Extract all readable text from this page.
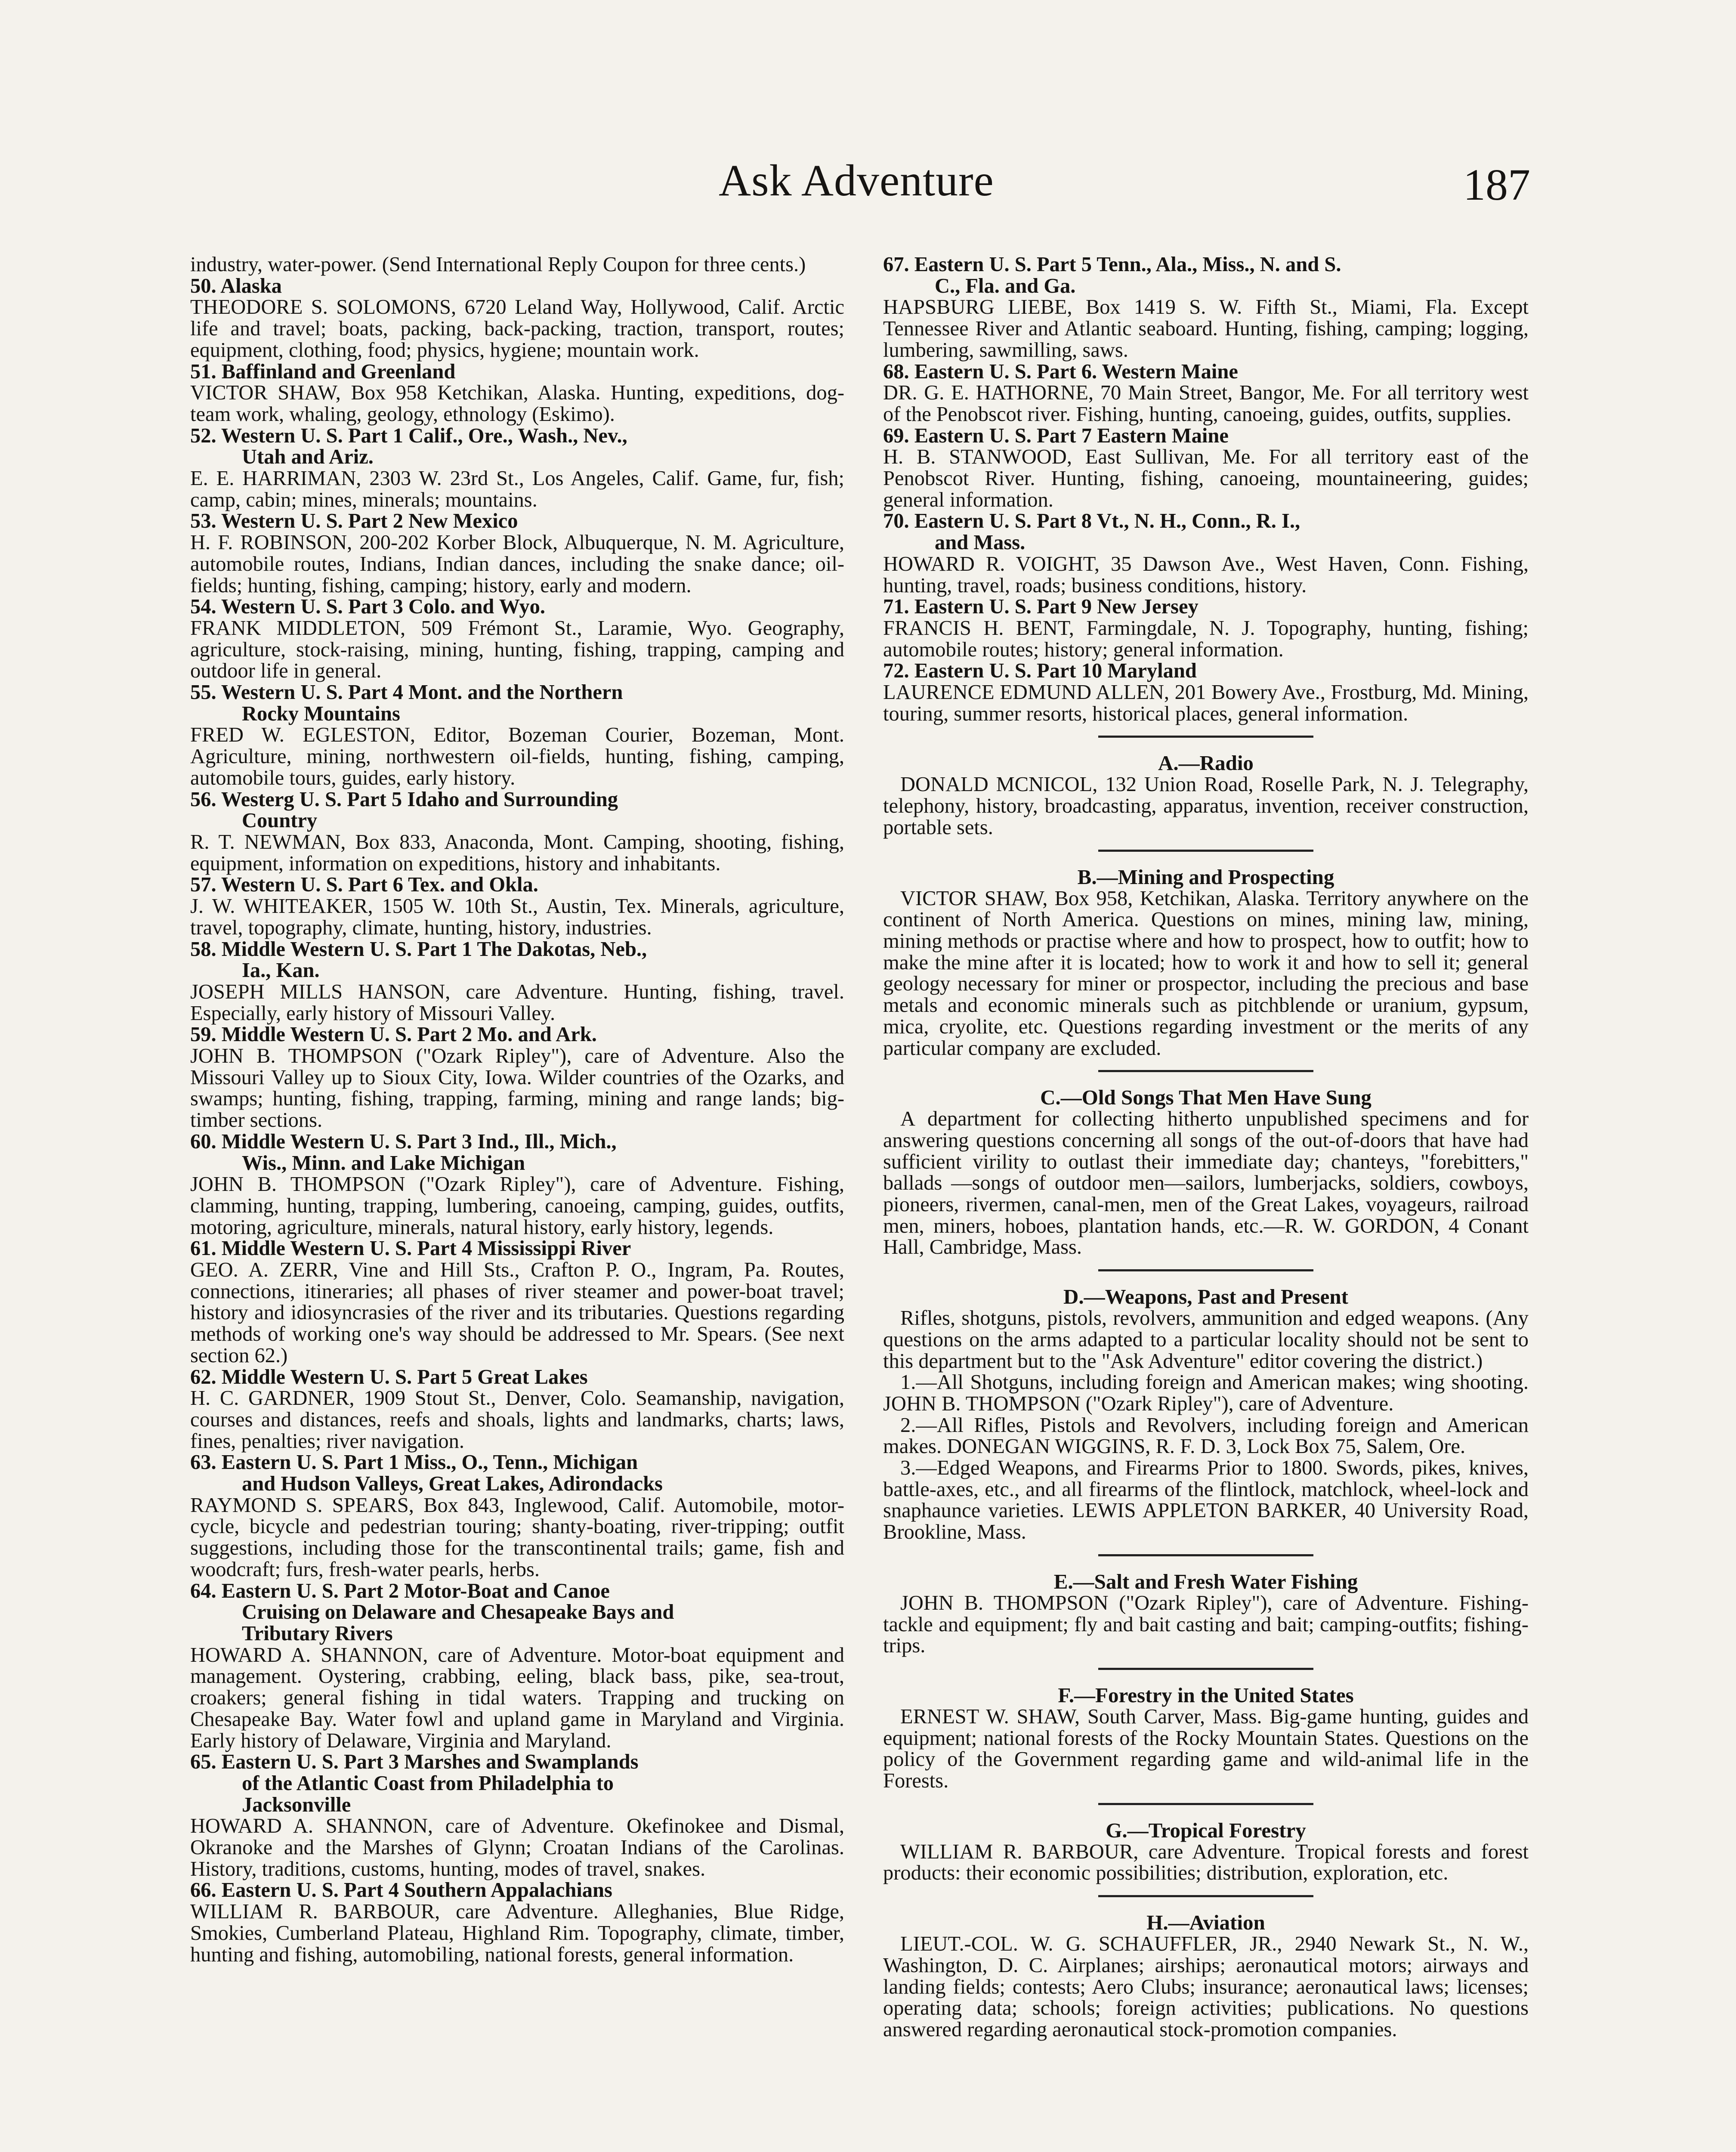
Ask Adventure	187
industry, water-power. (Send International Reply Coupon for three cents.)
50. Alaska
THEODORE S. SOLOMONS, 6720 Leland Way, Hollywood, Calif. Arctic life and travel; boats, packing, back-packing, traction, transport, routes; equipment, clothing, food; physics, hygiene; mountain work.
51. Baffinland and Greenland
VICTOR SHAW, Box 958 Ketchikan, Alaska. Hunting, expeditions, dog-team work, whaling, geology, ethnology (Eskimo).
52. Western U. S. Part 1 Calif., Ore., Wash., Nev.,
Utah and Ariz.
E. E. HARRIMAN, 2303 W. 23rd St., Los Angeles, Calif. Game, fur, fish; camp, cabin; mines, minerals; mountains.
53. Western U. S. Part 2 New Mexico
H. F. ROBINSON, 200-202 Korber Block, Albuquerque, N. M. Agriculture, automobile routes, Indians, Indian dances, including the snake dance; oil-fields; hunting, fishing, camping; history, early and modern.
54. Western U. S. Part 3 Colo. and Wyo.
FRANK MIDDLETON, 509 Frémont St., Laramie, Wyo. Geography, agriculture, stock-raising, mining, hunting, fishing, trapping, camping and outdoor life in general.
55. Western U. S. Part 4 Mont. and the Northern
Rocky Mountains
FRED W. EGLESTON, Editor, Bozeman Courier, Bozeman, Mont. Agriculture, mining, northwestern oil-fields, hunting, fishing, camping, automobile tours, guides, early history.
56. Westerg U. S. Part 5 Idaho and Surrounding
Country
R. T. NEWMAN, Box 833, Anaconda, Mont. Camping, shooting, fishing, equipment, information on expeditions, history and inhabitants.
57. Western U. S. Part 6 Tex. and Okla.
J. W. WHITEAKER, 1505 W. 10th St., Austin, Tex. Minerals, agriculture, travel, topography, climate, hunting, history, industries.
58. Middle Western U. S. Part 1 The Dakotas, Neb.,
Ia., Kan.
JOSEPH MILLS HANSON, care Adventure. Hunting, fishing, travel. Especially, early history of Missouri Valley.
59. Middle Western U. S. Part 2 Mo. and Ark.
JOHN B. THOMPSON ("Ozark Ripley"), care of Adventure. Also the Missouri Valley up to Sioux City, Iowa. Wilder countries of the Ozarks, and swamps; hunting, fishing, trapping, farming, mining and range lands; big-timber sections.
60. Middle Western U. S. Part 3 Ind., Ill., Mich.,
Wis., Minn. and Lake Michigan
JOHN B. THOMPSON ("Ozark Ripley"), care of Adventure. Fishing, clamming, hunting, trapping, lumbering, canoeing, camping, guides, outfits, motoring, agriculture, minerals, natural history, early history, legends.
61. Middle Western U. S. Part 4 Mississippi River
GEO. A. ZERR, Vine and Hill Sts., Crafton P. O., Ingram, Pa. Routes, connections, itineraries; all phases of river steamer and power-boat travel; history and idiosyncrasies of the river and its tributaries. Questions regarding methods of working one's way should be addressed to Mr. Spears. (See next section 62.)
62. Middle Western U. S. Part 5 Great Lakes
H. C. GARDNER, 1909 Stout St., Denver, Colo. Seamanship, navigation, courses and distances, reefs and shoals, lights and landmarks, charts; laws, fines, penalties; river navigation.
63. Eastern U. S. Part 1 Miss., O., Tenn., Michigan
and Hudson Valleys, Great Lakes, Adirondacks
RAYMOND S. SPEARS, Box 843, Inglewood, Calif. Automobile, motor-cycle, bicycle and pedestrian touring; shanty-boating, river-tripping; outfit suggestions, including those for the transcontinental trails; game, fish and woodcraft; furs, fresh-water pearls, herbs.
64. Eastern U. S. Part 2 Motor-Boat and Canoe
Cruising on Delaware and Chesapeake Bays and
Tributary Rivers
HOWARD A. SHANNON, care of Adventure. Motor-boat equipment and management. Oystering, crabbing, eeling, black bass, pike, sea-trout, croakers; general fishing in tidal waters. Trapping and trucking on Chesapeake Bay. Water fowl and upland game in Maryland and Virginia. Early history of Delaware, Virginia and Maryland.
65. Eastern U. S. Part 3 Marshes and Swamplands
of the Atlantic Coast from Philadelphia to
Jacksonville
HOWARD A. SHANNON, care of Adventure. Okefinokee and Dismal, Okranoke and the Marshes of Glynn; Croatan Indians of the Carolinas. History, traditions, customs, hunting, modes of travel, snakes.
66. Eastern U. S. Part 4 Southern Appalachians
WILLIAM R. BARBOUR, care Adventure. Alleghanies, Blue Ridge, Smokies, Cumberland Plateau, Highland Rim. Topography, climate, timber, hunting and fishing, automobiling, national forests, general information.
67. Eastern U. S. Part 5 Tenn., Ala., Miss., N. and S.
C., Fla. and Ga.
HAPSBURG LIEBE, Box 1419 S. W. Fifth St., Miami, Fla. Except Tennessee River and Atlantic seaboard. Hunting, fishing, camping; logging, lumbering, sawmilling, saws.
68. Eastern U. S. Part 6. Western Maine
DR. G. E. HATHORNE, 70 Main Street, Bangor, Me. For all territory west of the Penobscot river. Fishing, hunting, canoeing, guides, outfits, supplies.
69. Eastern U. S. Part 7 Eastern Maine
H. B. STANWOOD, East Sullivan, Me. For all territory east of the Penobscot River. Hunting, fishing, canoeing, mountaineering, guides; general information.
70. Eastern U. S. Part 8 Vt., N. H., Conn., R. I.,
and Mass.
HOWARD R. VOIGHT, 35 Dawson Ave., West Haven, Conn. Fishing, hunting, travel, roads; business conditions, history.
71. Eastern U. S. Part 9 New Jersey
FRANCIS H. BENT, Farmingdale, N. J. Topography, hunting, fishing; automobile routes; history; general information.
72. Eastern U. S. Part 10 Maryland
LAURENCE EDMUND ALLEN, 201 Bowery Ave., Frostburg, Md. Mining, touring, summer resorts, historical places, general information.
A.—Radio
DONALD MCNICOL, 132 Union Road, Roselle Park, N. J. Telegraphy, telephony, history, broadcasting, apparatus, invention, receiver construction, portable sets.
B.—Mining and Prospecting
VICTOR SHAW, Box 958, Ketchikan, Alaska. Territory anywhere on the continent of North America. Questions on mines, mining law, mining, mining methods or practise where and how to prospect, how to outfit; how to make the mine after it is located; how to work it and how to sell it; general geology necessary for miner or prospector, including the precious and base metals and economic minerals such as pitchblende or uranium, gypsum, mica, cryolite, etc. Questions regarding investment or the merits of any particular company are excluded.
C.—Old Songs That Men Have Sung
A department for collecting hitherto unpublished specimens and for answering questions concerning all songs of the out-of-doors that have had sufficient virility to outlast their immediate day; chanteys, "forebitters," ballads —songs of outdoor men—sailors, lumberjacks, soldiers, cowboys, pioneers, rivermen, canal-men, men of the Great Lakes, voyageurs, railroad men, miners, hoboes, plantation hands, etc.—R. W. GORDON, 4 Conant Hall, Cambridge, Mass.
D.—Weapons, Past and Present
Rifles, shotguns, pistols, revolvers, ammunition and edged weapons. (Any questions on the arms adapted to a particular locality should not be sent to this department but to the "Ask Adventure" editor covering the district.)
1.—All Shotguns, including foreign and American makes; wing shooting. JOHN B. THOMPSON ("Ozark Ripley"), care of Adventure.
2.—All Rifles, Pistols and Revolvers, including foreign and American makes. DONEGAN WIGGINS, R. F. D. 3, Lock Box 75, Salem, Ore.
3.—Edged Weapons, and Firearms Prior to 1800. Swords, pikes, knives, battle-axes, etc., and all firearms of the flintlock, matchlock, wheel-lock and snaphaunce varieties. LEWIS APPLETON BARKER, 40 University Road, Brookline, Mass.
E.—Salt and Fresh Water Fishing
JOHN B. THOMPSON ("Ozark Ripley"), care of Adventure. Fishing-tackle and equipment; fly and bait casting and bait; camping-outfits; fishing-trips.
F.—Forestry in the United States
ERNEST W. SHAW, South Carver, Mass. Big-game hunting, guides and equipment; national forests of the Rocky Mountain States. Questions on the policy of the Government regarding game and wild-animal life in the Forests.
G.—Tropical Forestry
WILLIAM R. BARBOUR, care Adventure. Tropical forests and forest products: their economic possibilities; distribution, exploration, etc.
H.—Aviation
LIEUT.-COL. W. G. SCHAUFFLER, JR., 2940 Newark St., N. W., Washington, D. C. Airplanes; airships; aeronautical motors; airways and landing fields; contests; Aero Clubs; insurance; aeronautical laws; licenses; operating data; schools; foreign activities; publications. No questions answered regarding aeronautical stock-promotion companies.
